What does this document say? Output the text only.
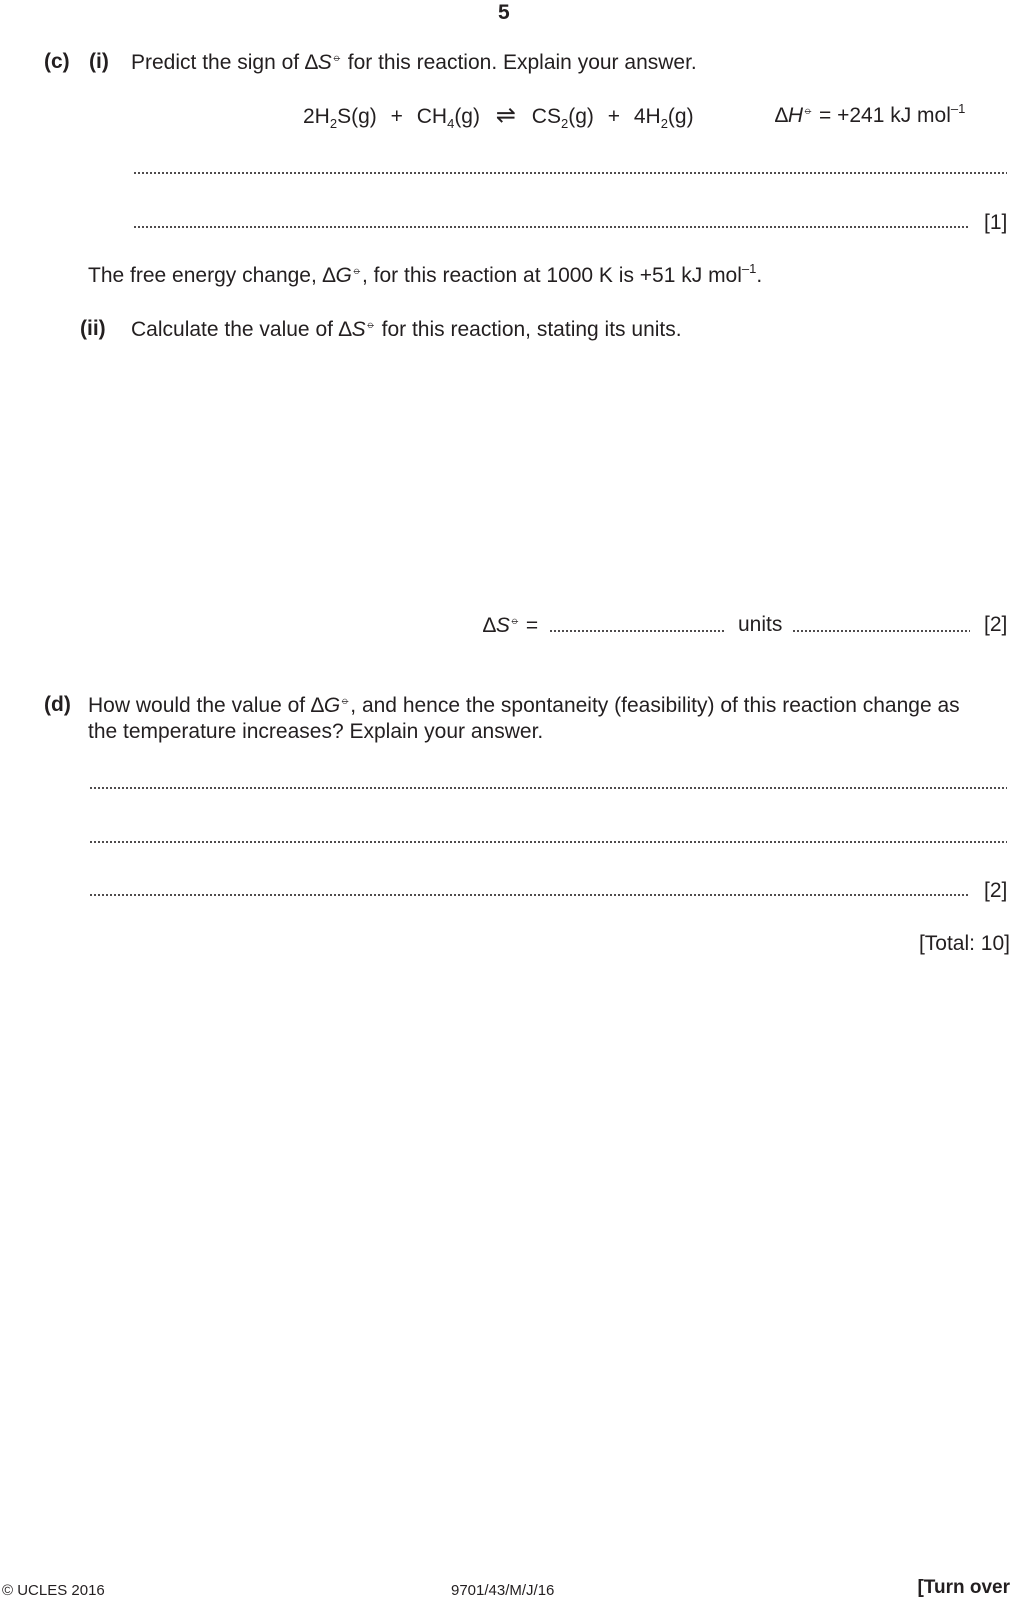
5
(c) (i) Predict the sign of ∆S⦵ for this reaction. Explain your answer.
$2H_2S(g) + CH_4(g)$ ⇌ $CS_2(g) + 4H_2(g)$	∆H⦵ = +241 kJ mol$^{-1}$
[1]
The free energy change, ∆G⦵, for this reaction at 1000 K is +51 kJ mol$^{-1}$.
(ii) Calculate the value of ∆S⦵ for this reaction, stating its units.
∆S⦵ =	units	[2]
(d) How would the value of ∆G⦵, and hence the spontaneity (feasibility) of this reaction change as
the temperature increases? Explain your answer.
[2]
[Total: 10]
© UCLES 2016	9701/43/M/J/16	[Turn over
